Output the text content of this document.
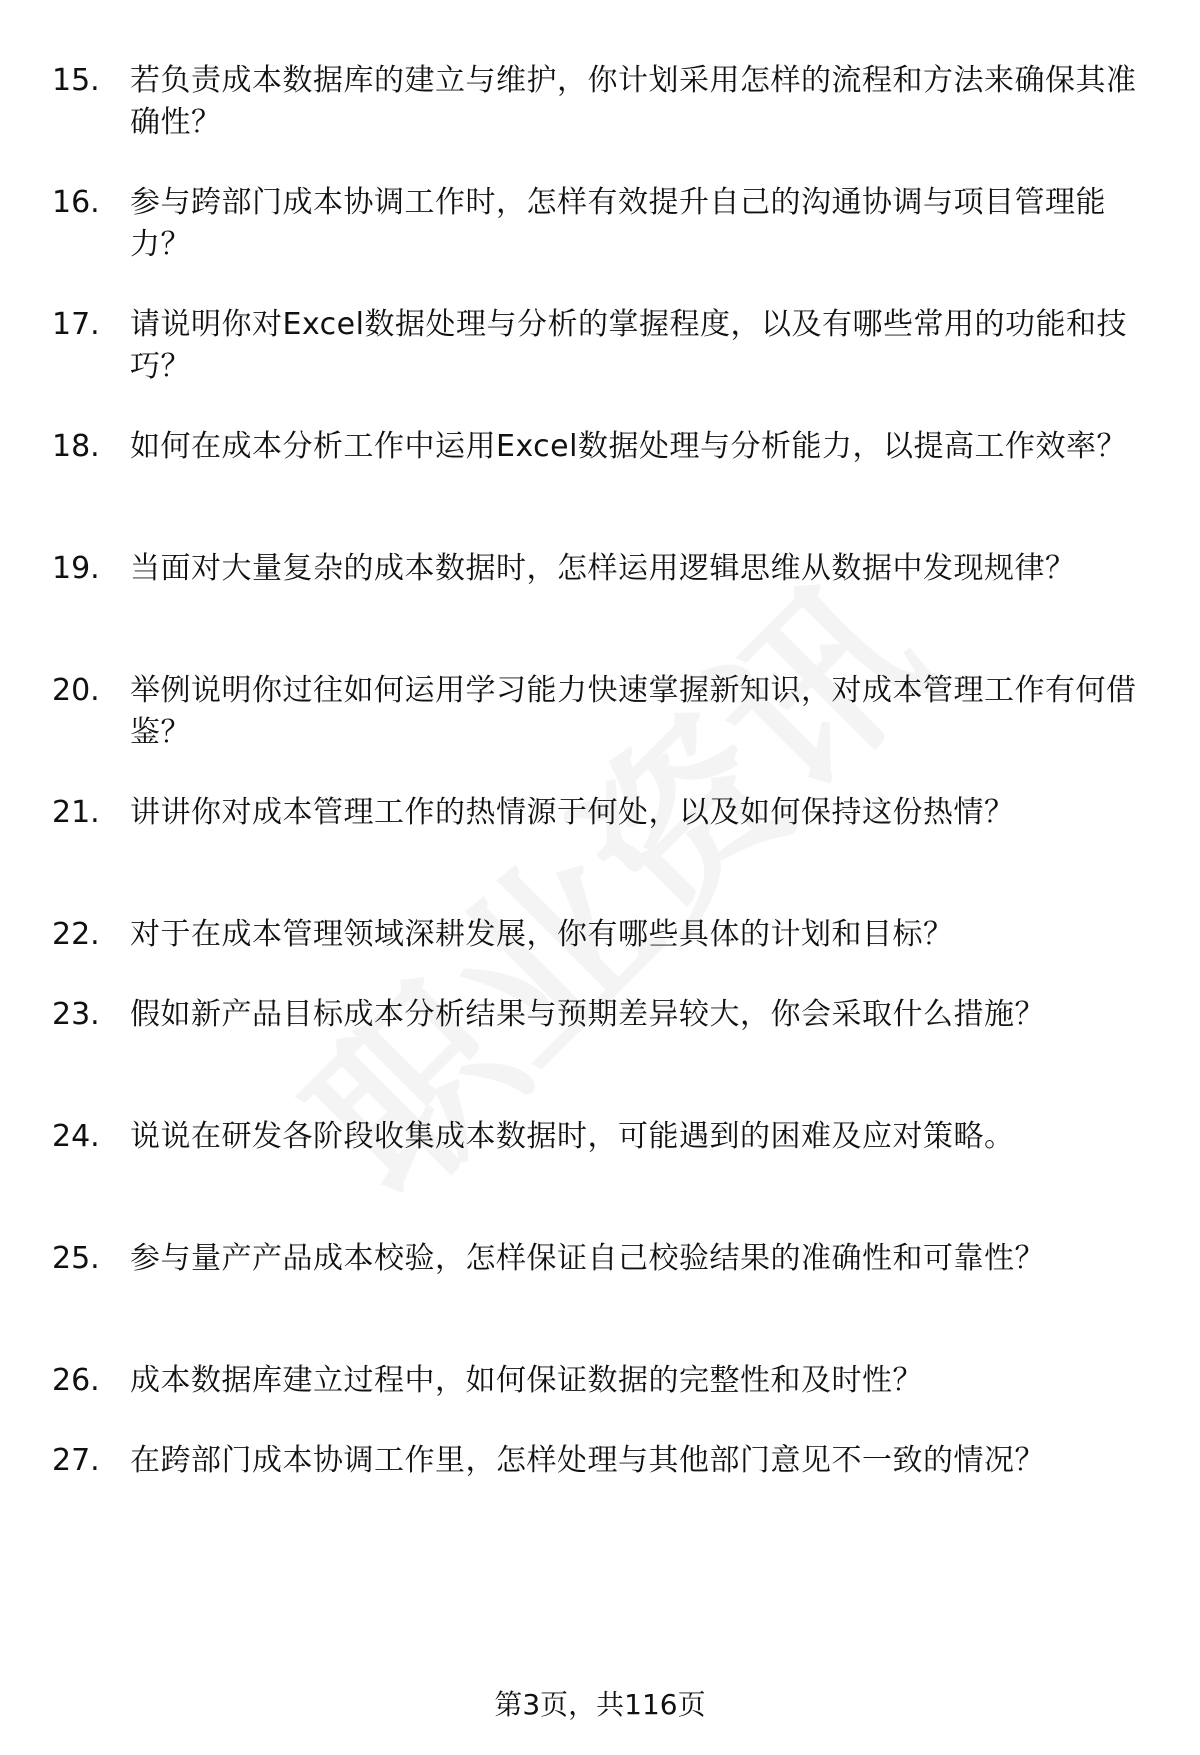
15.	若负责成本数据库的建立与维护，你计划采用怎样的流程和方法来确保其准确性？
16.	参与跨部门成本协调工作时，怎样有效提升自己的沟通协调与项目管理能力？
17.	请说明你对Excel数据处理与分析的掌握程度，以及有哪些常用的功能和技巧？
18.	如何在成本分析工作中运用Excel数据处理与分析能力，以提高工作效率？
19.	当面对大量复杂的成本数据时，怎样运用逻辑思维从数据中发现规律？
20.	举例说明你过往如何运用学习能力快速掌握新知识，对成本管理工作有何借鉴？
21.	讲讲你对成本管理工作的热情源于何处，以及如何保持这份热情？
22.	对于在成本管理领域深耕发展，你有哪些具体的计划和目标？
23.	假如新产品目标成本分析结果与预期差异较大，你会采取什么措施？
24.	说说在研发各阶段收集成本数据时，可能遇到的困难及应对策略。
25.	参与量产产品成本校验，怎样保证自己校验结果的准确性和可靠性？
26.	成本数据库建立过程中，如何保证数据的完整性和及时性？
27.	在跨部门成本协调工作里，怎样处理与其他部门意见不一致的情况？
第3页，共116页
